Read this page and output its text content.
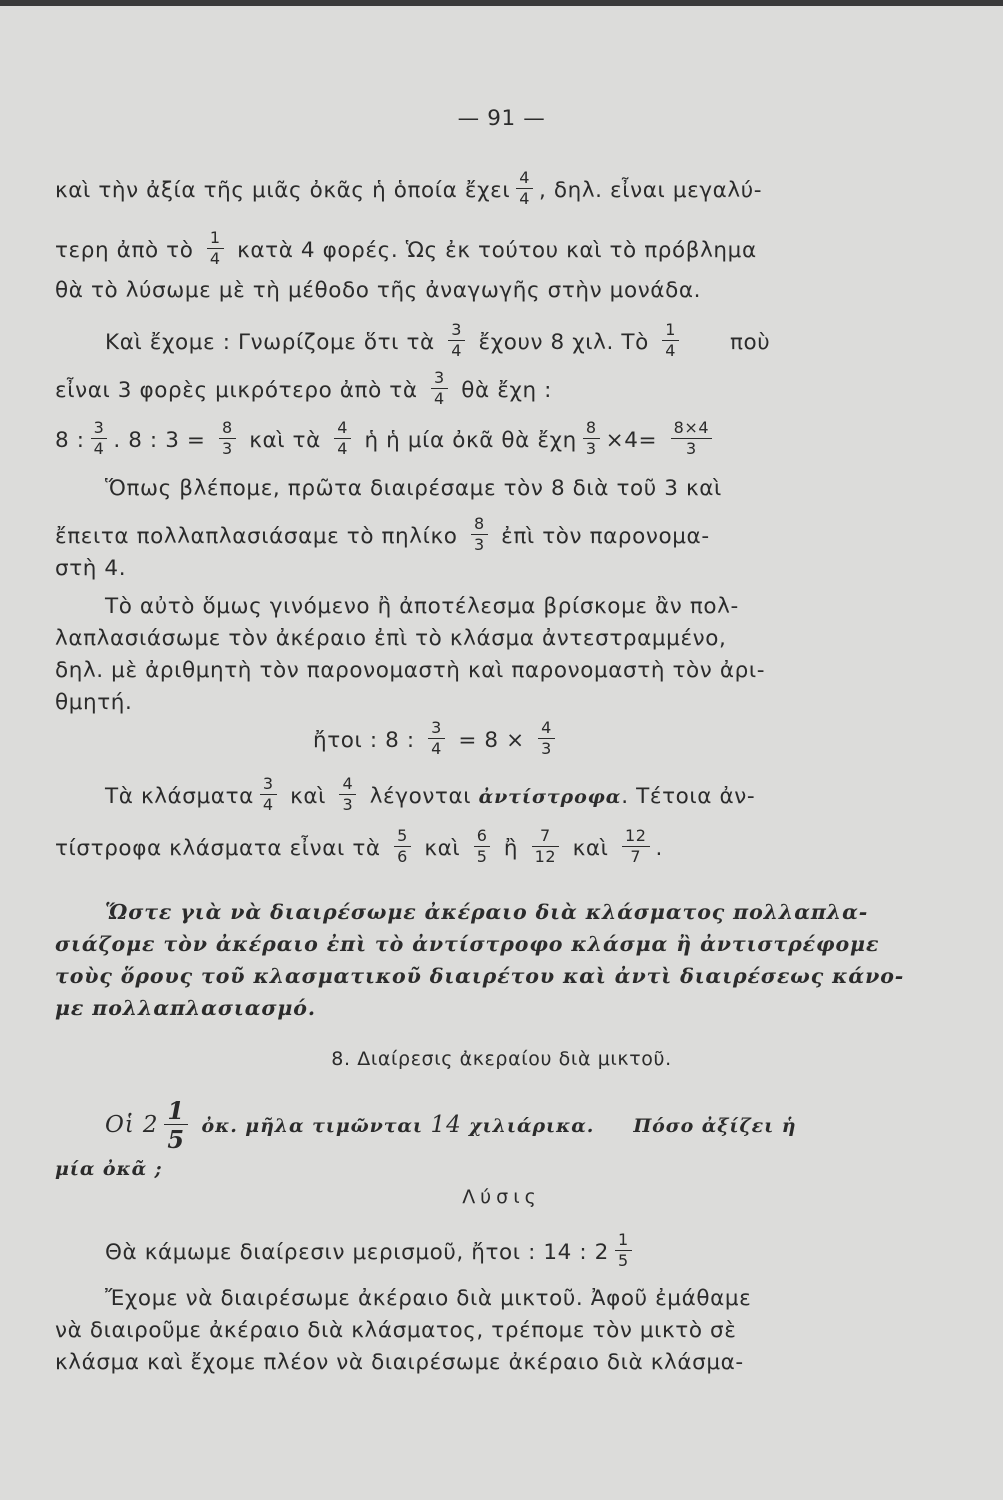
— 91 —
καὶ τὴν ἀξία τῆς μιᾶς ὀκᾶς ἡ ὁποία ἔχει $\frac{4}{4}$ , δηλ. εἶναι μεγαλύ-
τερη ἀπὸ τὸ $\frac{1}{4}$ κατὰ 4 φορές. Ὡς ἐκ τούτου καὶ τὸ πρόβλημα
θὰ τὸ λύσωμε μὲ τὴ μέθοδο τῆς ἀναγωγῆς στὴν μονάδα.
Καὶ ἔχομε : Γνωρίζομε ὅτι τὰ $\frac{3}{4}$ ἔχουν 8 χιλ. Τὸ $\frac{1}{4}$ ποὺ
εἶναι 3 φορὲς μικρότερο ἀπὸ τὰ $\frac{3}{4}$ θὰ ἔχη :
8 : $\frac{3}{4}$ . 8 : $3 = \frac{8}{3}$ καὶ τὰ $\frac{4}{4}$ ἡ ἡ μία ὀκᾶ θὰ ἔχη $\frac{8}{3} \times 4= \frac{8\times 4}{3}$
Ὅπως βλέπομε, πρῶτα διαιρέσαμε τὸν 8 διὰ τοῦ 3 καὶ
ἔπειτα πολλαπλασιάσαμε τὸ πηλίκο $\frac{8}{3}$ ἐπὶ τὸν παρονομα-
στὴ 4.
Τὸ αὐτὸ ὅμως γινόμενο ἢ ἀποτέλεσμα βρίσκομε ἂν πολ-
λαπλασιάσωμε τὸν ἀκέραιο ἐπὶ τὸ κλάσμα ἀντεστραμμένο,
δηλ. μὲ ἀριθμητὴ τὸν παρονομαστὴ καὶ παρονομαστὴ τὸν ἀρι-
θμητή.
ἤτοι : 8 : $\frac{3}{4} = 8 \times \frac{4}{3}$
Τὰ κλάσματα $\frac{3}{4}$ καὶ $\frac{4}{3}$ λέγονται ἀντίστροφα. Τέτοια ἀν-
τίστροφα κλάσματα εἶναι τὰ $\frac{5}{6}$ καὶ $\frac{6}{5}$ ἢ $\frac{7}{12}$ καὶ $\frac{12}{7}$ .
Ὥστε γιὰ νὰ διαιρέσωμε ἀκέραιο διὰ κλάσματος πολλαπλα-
σιάζομε τὸν ἀκέραιο ἐπὶ τὸ ἀντίστροφο κλάσμα ἢ ἀντιστρέφομε
τοὺς ὅρους τοῦ κλασματικοῦ διαιρέτου καὶ ἀντὶ διαιρέσεως κάνο-
με πολλαπλασιασμό.
8. Διαίρεσις ἀκεραίου διὰ μικτοῦ.
Οἱ $2 \frac{1}{5}$ ὀκ. μῆλα τιμῶνται 14 χιλιάρικα. Πόσο ἀξίζει ἡ
μία ὀκᾶ ;
Λύσις
Θὰ κάμωμε διαίρεσιν μερισμοῦ, ἤτοι : 14 : $2 \frac{1}{5}$
Ἔχομε νὰ διαιρέσωμε ἀκέραιο διὰ μικτοῦ. Ἀφοῦ ἐμάθαμε
νὰ διαιροῦμε ἀκέραιο διὰ κλάσματος, τρέπομε τὸν μικτὸ σὲ
κλάσμα καὶ ἔχομε πλέον νὰ διαιρέσωμε ἀκέραιο διὰ κλάσμα-
